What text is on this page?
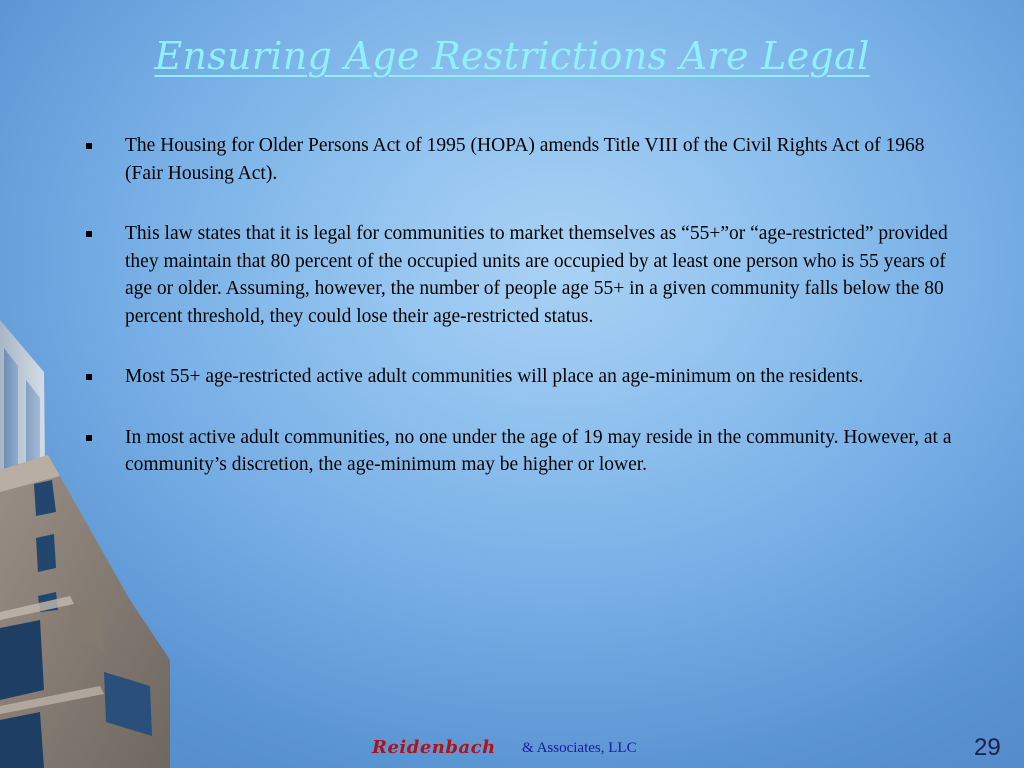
Ensuring Age Restrictions Are Legal
The Housing for Older Persons Act of 1995 (HOPA) amends Title VIII of the Civil Rights Act of 1968 (Fair Housing Act).
This law states that it is legal for communities to market themselves as “55+”or “age-restricted” provided they maintain that 80 percent of the occupied units are occupied by at least one person who is 55 years of age or older. Assuming, however, the number of people age 55+ in a given community falls below the 80 percent threshold, they could lose their age-restricted status.
Most 55+ age-restricted active adult communities will place an age-minimum on the residents.
In most active adult communities, no one under the age of 19 may reside in the community. However, at a community’s discretion, the age-minimum may be higher or lower.
Reidenbach & Associates, LLC	29
